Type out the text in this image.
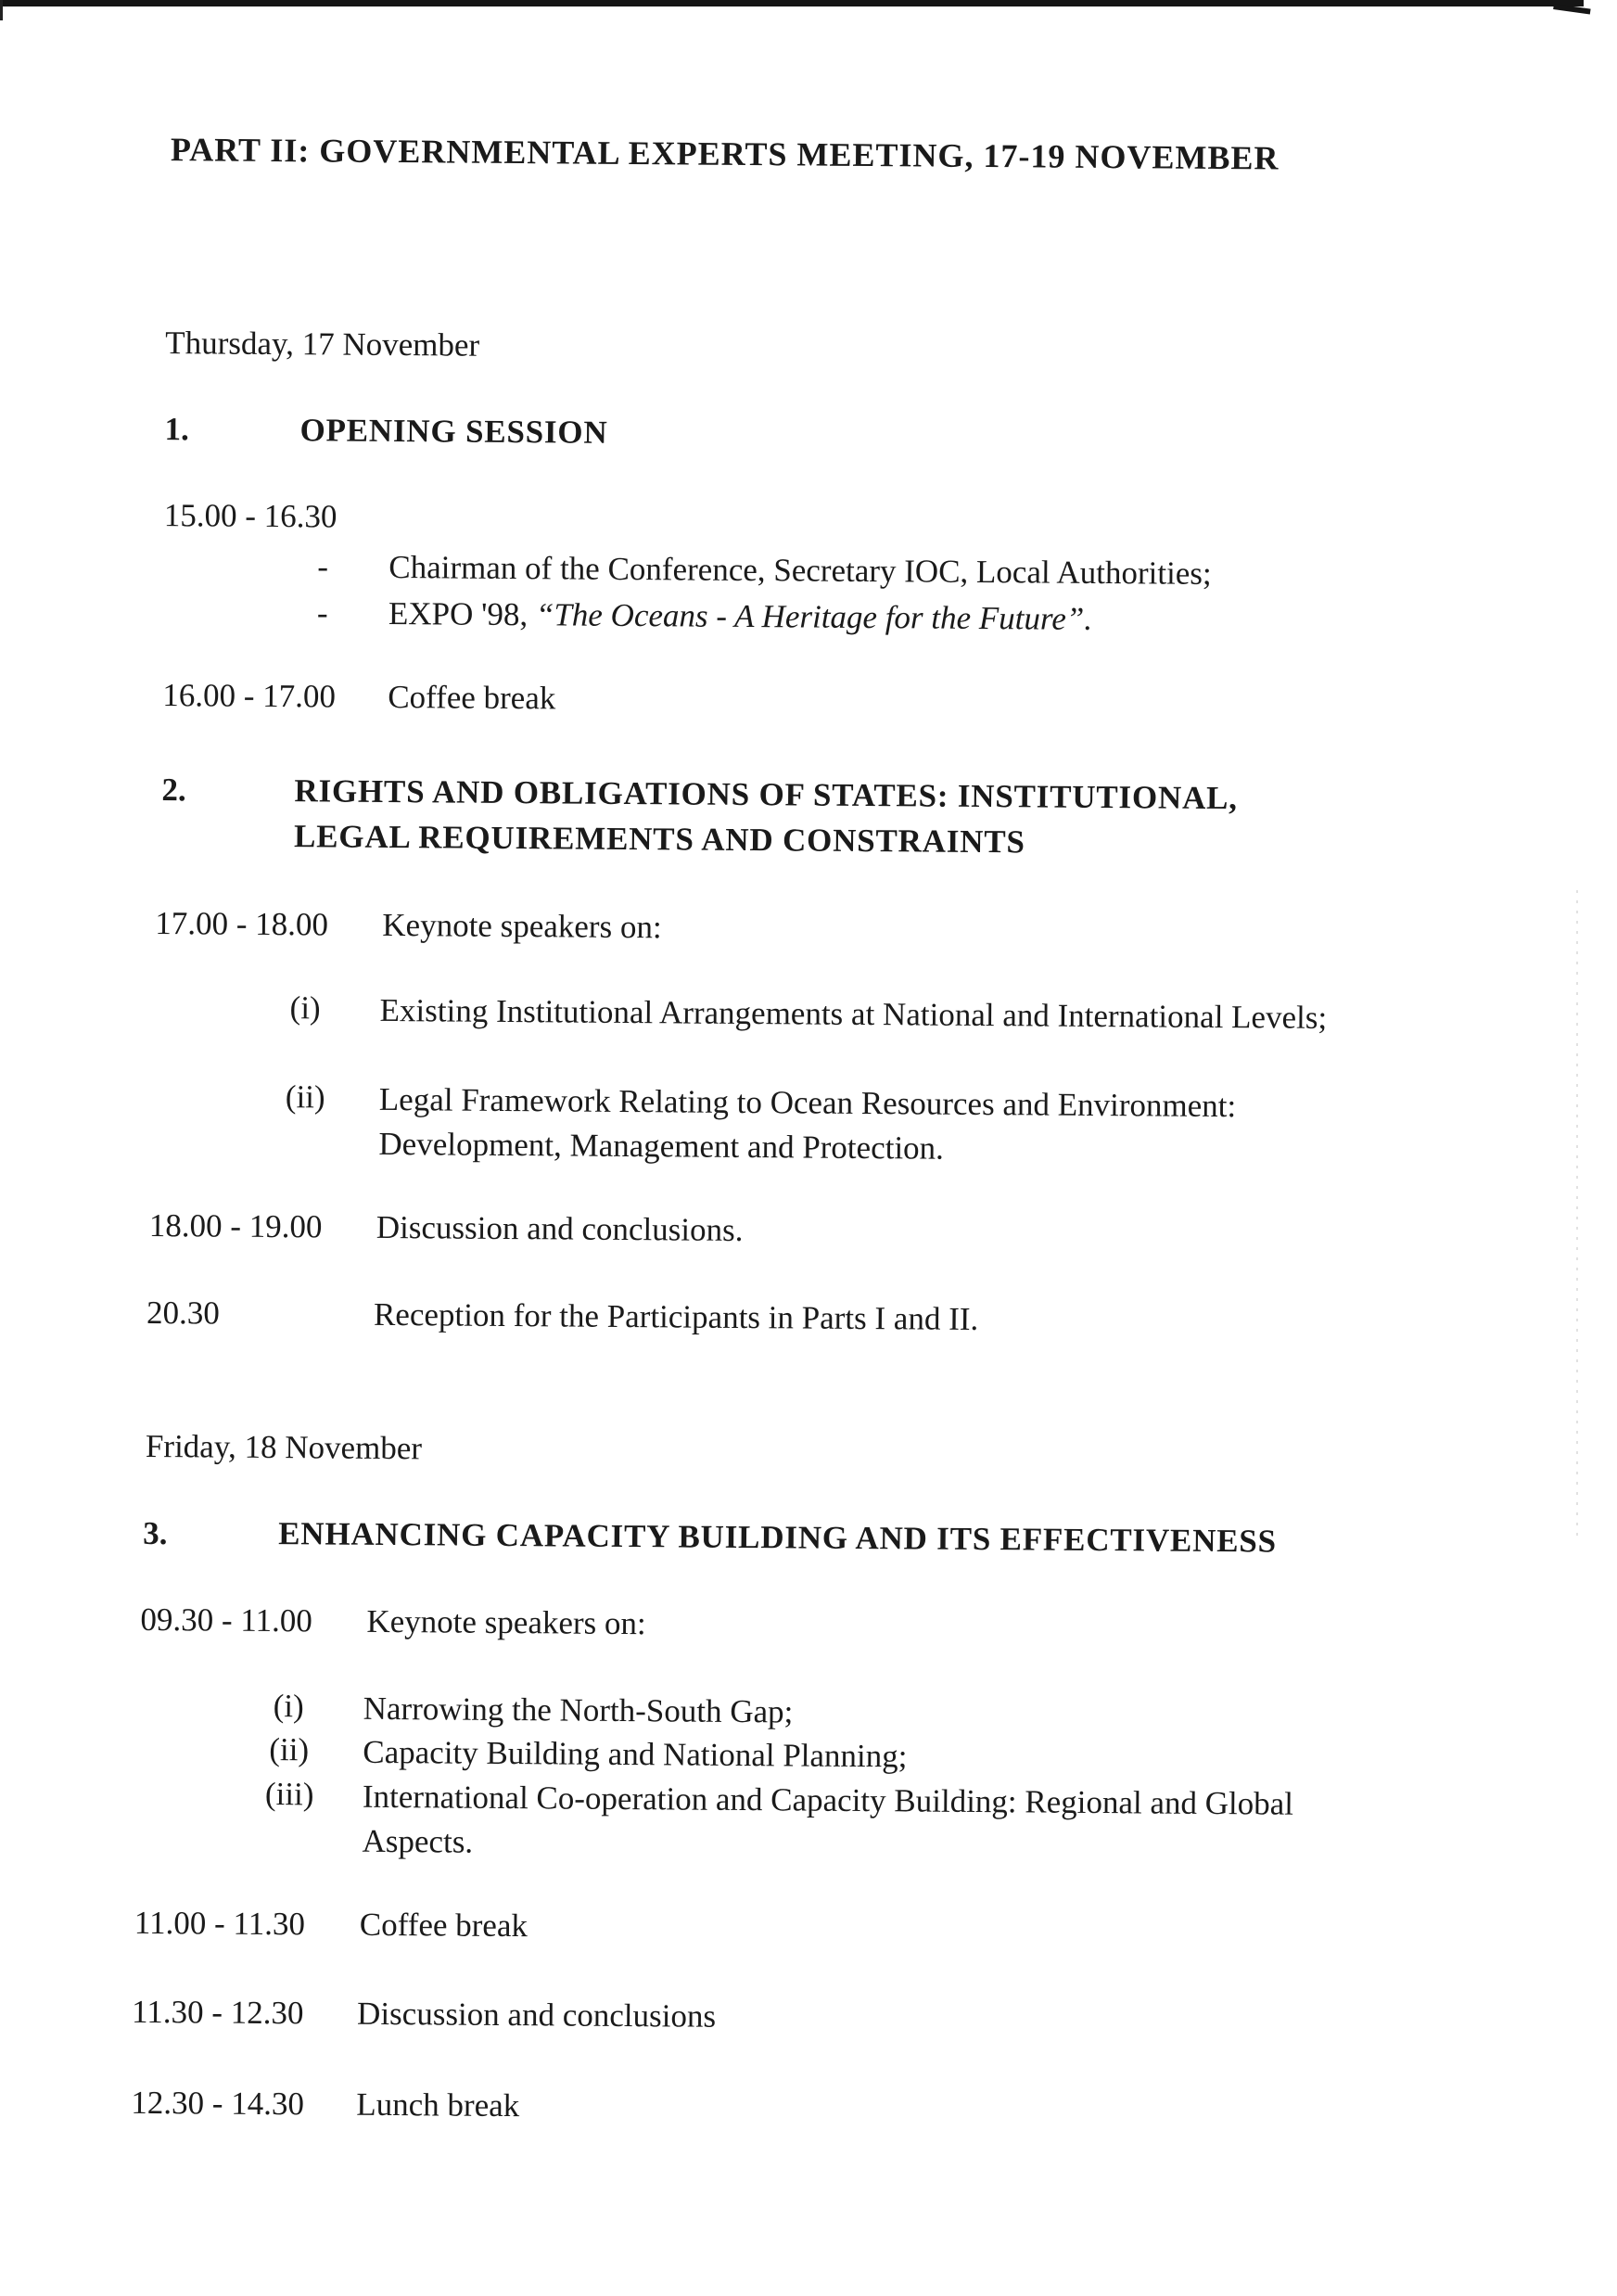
PART II: GOVERNMENTAL EXPERTS MEETING, 17-19 NOVEMBER
Thursday, 17 November
1.	OPENING SESSION
15.00 - 16.30
- Chairman of the Conference, Secretary IOC, Local Authorities;
- EXPO '98, “The Oceans - A Heritage for the Future”.
16.00 - 17.00 Coffee break
2.	RIGHTS AND OBLIGATIONS OF STATES: INSTITUTIONAL,
LEGAL REQUIREMENTS AND CONSTRAINTS
17.00 - 18.00 Keynote speakers on:
(i) Existing Institutional Arrangements at National and International Levels;
(ii) Legal Framework Relating to Ocean Resources and Environment: Development, Management and Protection.
18.00 - 19.00 Discussion and conclusions.
20.30	Reception for the Participants in Parts I and II.
Friday, 18 November
3.	ENHANCING CAPACITY BUILDING AND ITS EFFECTIVENESS
09.30 - 11.00 Keynote speakers on:
(i) Narrowing the North-South Gap;
(ii) Capacity Building and National Planning;
(iii) International Co-operation and Capacity Building: Regional and Global Aspects.
11.00 - 11.30 Coffee break
11.30 - 12.30 Discussion and conclusions
12.30 - 14.30 Lunch break
